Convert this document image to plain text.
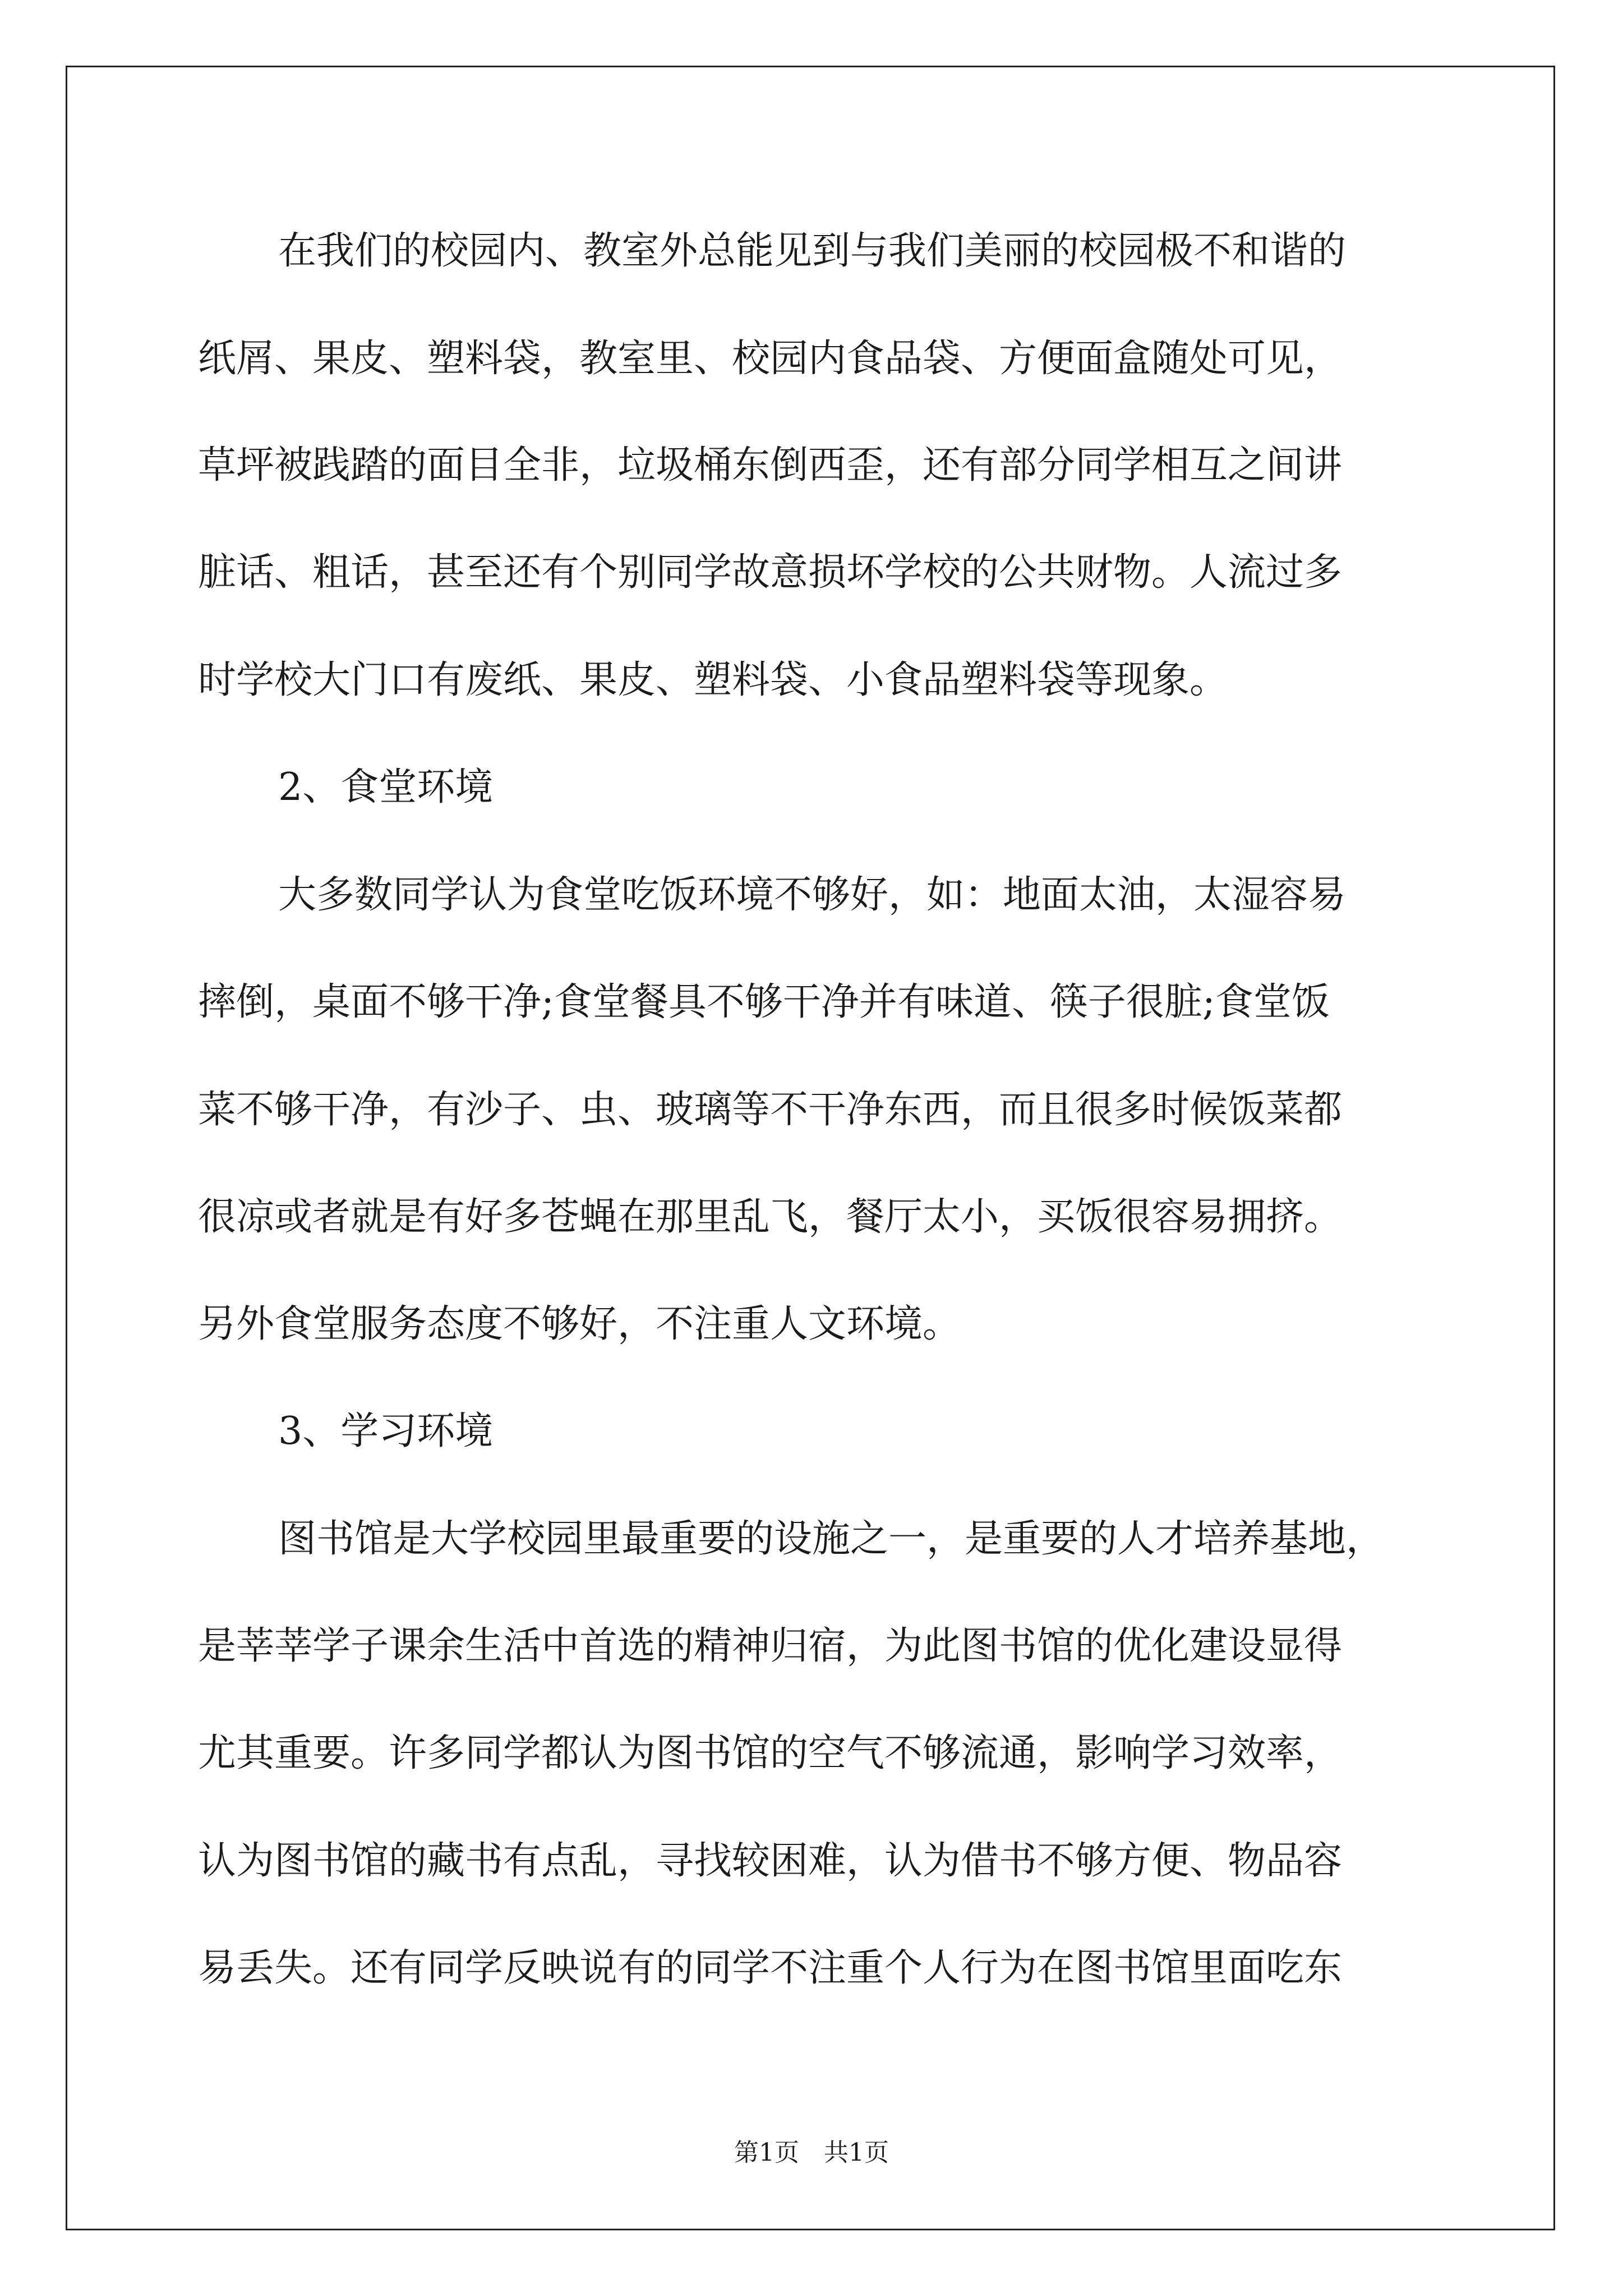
在我们的校园内、教室外总能见到与我们美丽的校园极不和谐的

纸屑、果皮、塑料袋，教室里、校园内食品袋、方便面盒随处可见，

草坪被践踏的面目全非，垃圾桶东倒西歪，还有部分同学相互之间讲

脏话、粗话，甚至还有个别同学故意损坏学校的公共财物。人流过多

时学校大门口有废纸、果皮、塑料袋、小食品塑料袋等现象。

2、食堂环境

大多数同学认为食堂吃饭环境不够好，如：地面太油，太湿容易

摔倒，桌面不够干净;食堂餐具不够干净并有味道、筷子很脏;食堂饭

菜不够干净，有沙子、虫、玻璃等不干净东西，而且很多时候饭菜都

很凉或者就是有好多苍蝇在那里乱飞，餐厅太小，买饭很容易拥挤。

另外食堂服务态度不够好，不注重人文环境。

3、学习环境

图书馆是大学校园里最重要的设施之一，是重要的人才培养基地，

是莘莘学子课余生活中首选的精神归宿，为此图书馆的优化建设显得

尤其重要。许多同学都认为图书馆的空气不够流通，影响学习效率，

认为图书馆的藏书有点乱，寻找较困难，认为借书不够方便、物品容

易丢失。还有同学反映说有的同学不注重个人行为在图书馆里面吃东

第1页 共1页
